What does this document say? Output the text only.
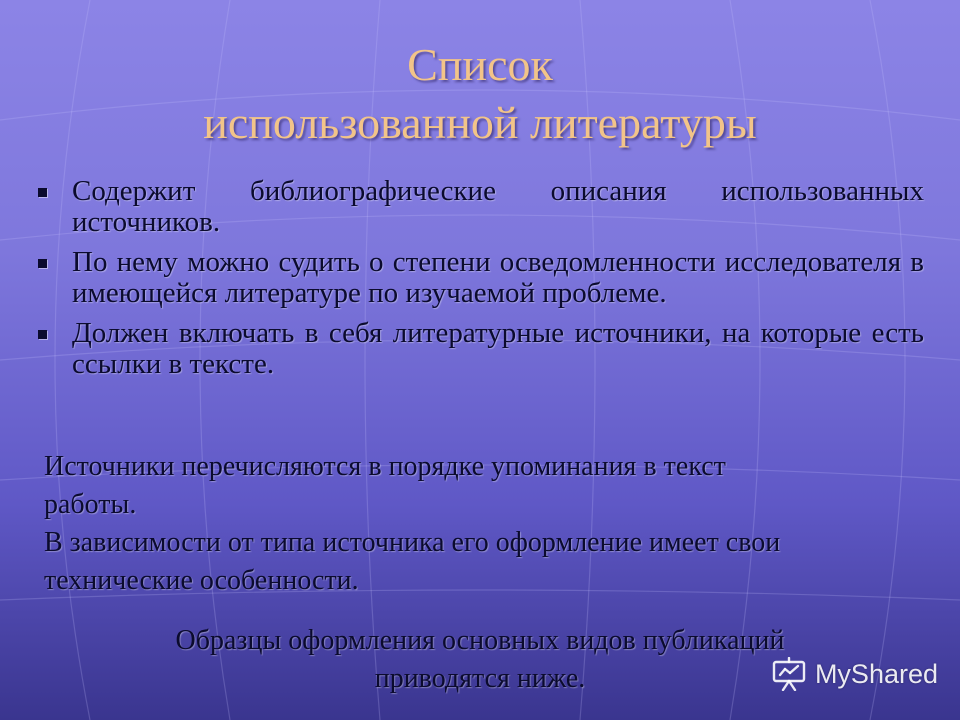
Список
использованной литературы
Содержит библиографические описания использованных источников.
По нему можно судить о степени осведомленности исследователя в имеющейся литературе по изучаемой проблеме.
Должен включать в себя литературные источники, на которые есть ссылки в тексте.

Источники перечисляются в порядке упоминания в текст

работы.

В зависимости от типа источника его оформление имеет свои

технические особенности.

Образцы оформления основных видов публикаций

приводятся ниже.	MyShared
